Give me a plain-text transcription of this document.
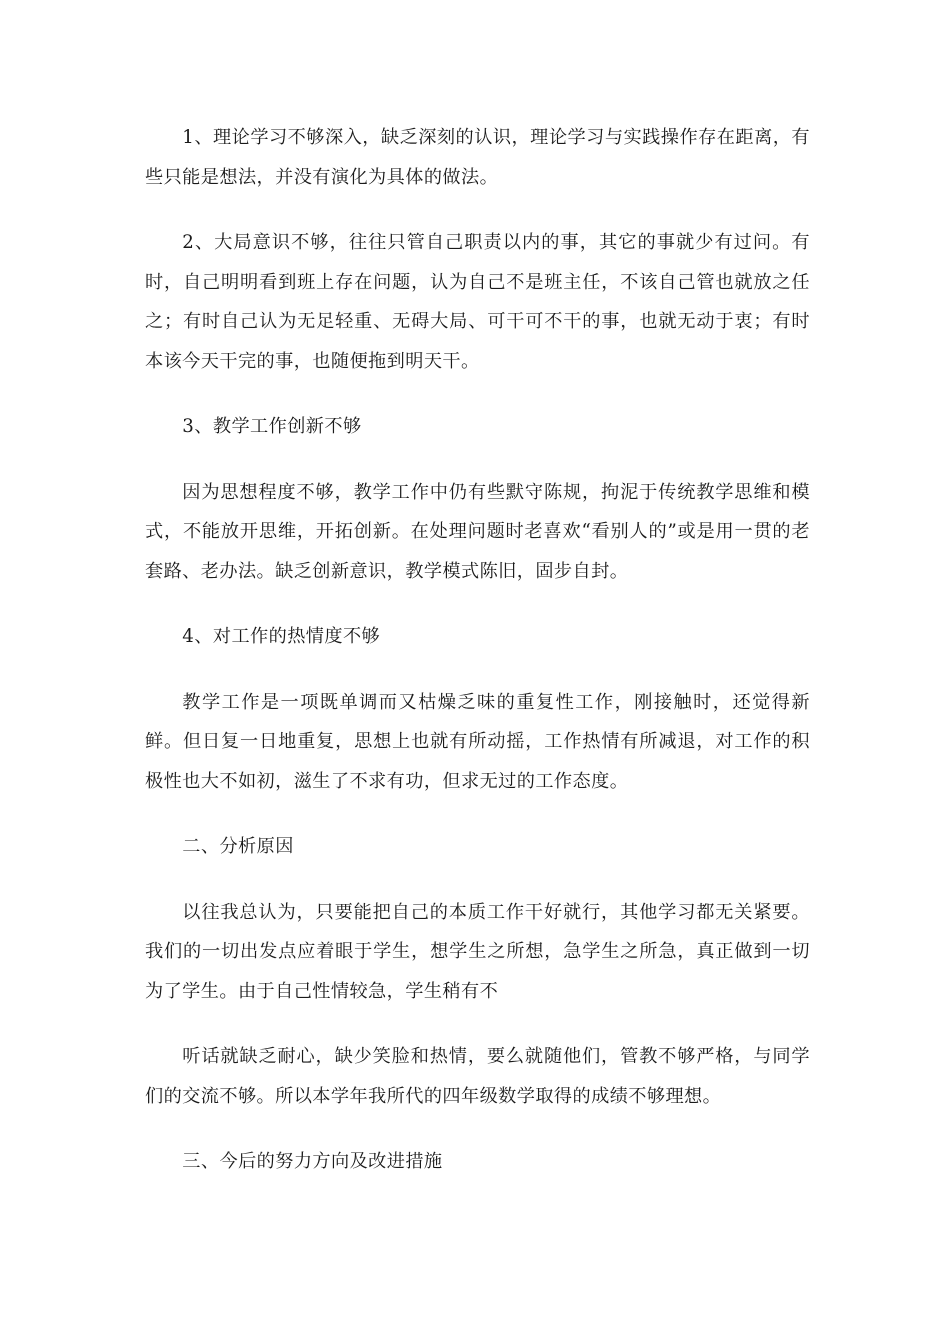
1、理论学习不够深入，缺乏深刻的认识，理论学习与实践操作存在距离，有些只能是想法，并没有演化为具体的做法。

2、大局意识不够，往往只管自己职责以内的事，其它的事就少有过问。有时，自己明明看到班上存在问题，认为自己不是班主任，不该自己管也就放之任之；有时自己认为无足轻重、无碍大局、可干可不干的事，也就无动于衷；有时本该今天干完的事，也随便拖到明天干。

3、教学工作创新不够

因为思想程度不够，教学工作中仍有些默守陈规，拘泥于传统教学思维和模式，不能放开思维，开拓创新。在处理问题时老喜欢“看别人的”或是用一贯的老套路、老办法。缺乏创新意识，教学模式陈旧，固步自封。

4、对工作的热情度不够

教学工作是一项既单调而又枯燥乏味的重复性工作，刚接触时，还觉得新鲜。但日复一日地重复，思想上也就有所动摇，工作热情有所减退，对工作的积极性也大不如初，滋生了不求有功，但求无过的工作态度。

二、分析原因

以往我总认为，只要能把自己的本质工作干好就行，其他学习都无关紧要。我们的一切出发点应着眼于学生，想学生之所想，急学生之所急，真正做到一切为了学生。由于自己性情较急，学生稍有不

听话就缺乏耐心，缺少笑脸和热情，要么就随他们，管教不够严格，与同学们的交流不够。所以本学年我所代的四年级数学取得的成绩不够理想。

三、今后的努力方向及改进措施
